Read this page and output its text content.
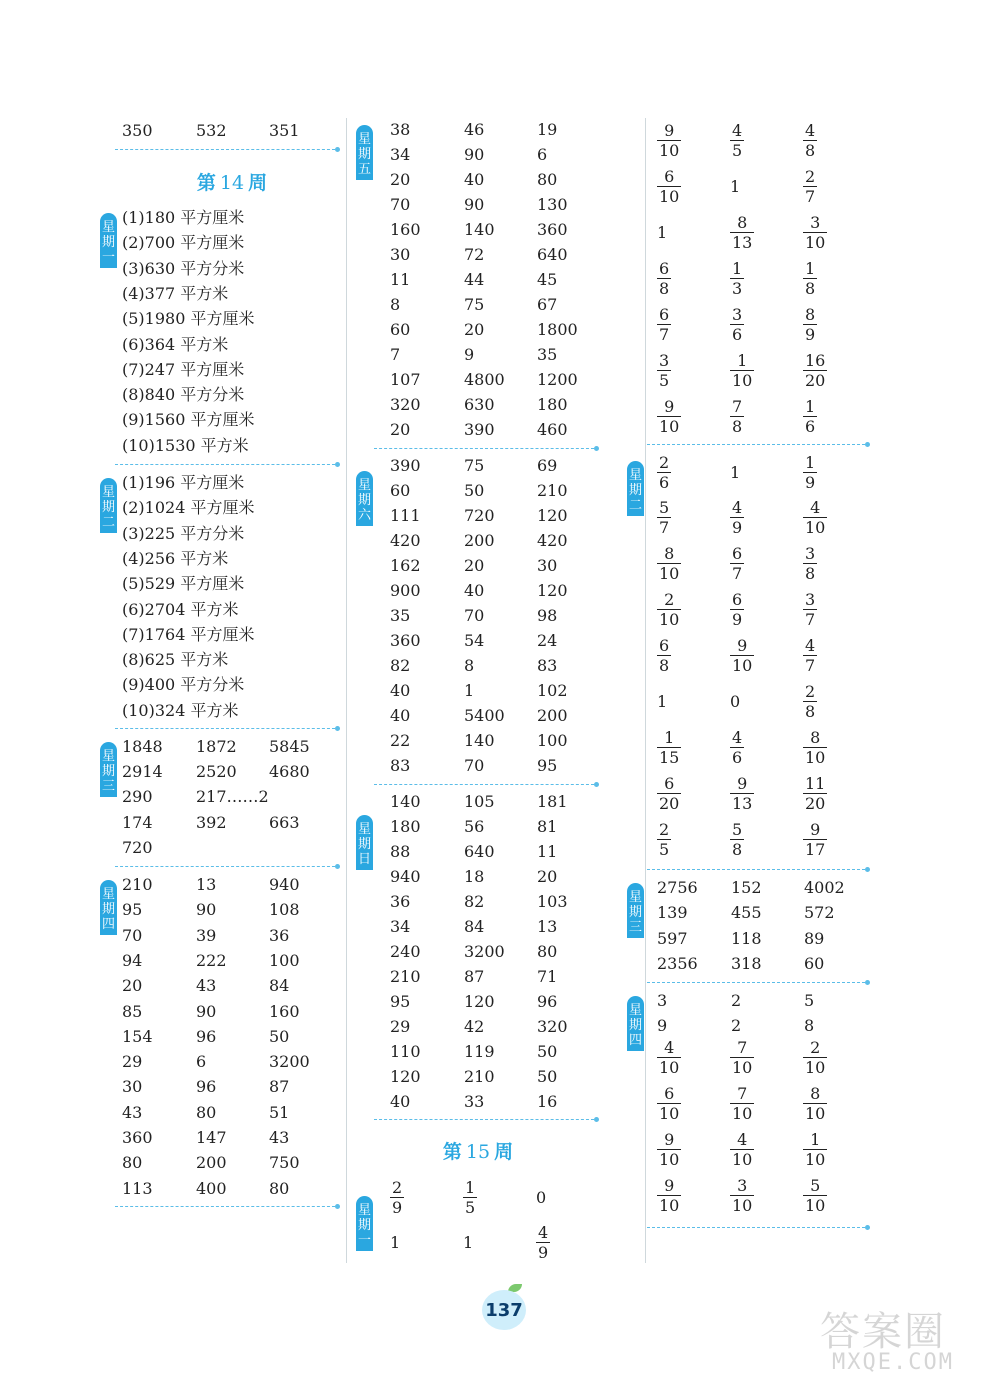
350	532	351
第 14 周
星期一
(1)180 平方厘米
(2)700 平方厘米
(3)630 平方分米
(4)377 平方米
(5)1980 平方厘米
(6)364 平方米
(7)247 平方厘米
(8)840 平方分米
(9)1560 平方厘米
(10)1530 平方米
星期二
(1)196 平方厘米
(2)1024 平方厘米
(3)225 平方分米
(4)256 平方米
(5)529 平方厘米
(6)2704 平方米
(7)1764 平方厘米
(8)625 平方米
(9)400 平方分米
(10)324 平方米
星期三
1848 1872 5845
2914 2520 4680
290	217……2
174	392	663
720
星期四
210	13	940
95	90	108
70	39	36
94	222	100
20	43	84
85	90	160
154	96	50
29	6	3200
30	96	87
43	80	51
360	147	43
80	200	750
113	400	80
星期五
38	46	19
34	90	6
20	40	80
70	90	130
160	140	360
30	72	640
11	44	45
8	75	67
60	20	1800
7	9	35
107	4800 1200
320	630	180
20	390	460
星期六
390	75	69
60	50	210
111	720	120
420	200	420
162	20	30
900	40	120
35	70	98
360	54	24
82	8	83
40	1	102
40	5400 200
22	140	100
83	70	95
星期日
140	105	181
180	56	81
88	640	11
940	18	20
36	82	103
34	84	13
240	3200 80
210	87	71
95	120	96
29	42	320
110	119	50
120	210	50
40	33	16
第 15 周
星期一
$\frac{2}{9}$	$\frac{1}{5}$	0
1	1	$\frac{4}{9}$
$\frac{9}{10}$	$\frac{4}{5}$	$\frac{4}{8}$
$\frac{6}{10}$	1	$\frac{2}{7}$
1	$\frac{8}{13}$	$\frac{3}{10}$
$\frac{6}{8}$	$\frac{1}{3}$	$\frac{1}{8}$
$\frac{6}{7}$	$\frac{3}{6}$	$\frac{8}{9}$
$\frac{3}{5}$	$\frac{1}{10}$	$\frac{16}{20}$
$\frac{9}{10}$	$\frac{7}{8}$	$\frac{1}{6}$
星期二
$\frac{2}{6}$	1	$\frac{1}{9}$
$\frac{5}{7}$	$\frac{4}{9}$	$\frac{4}{10}$
$\frac{8}{10}$	$\frac{6}{7}$	$\frac{3}{8}$
$\frac{2}{10}$	$\frac{6}{9}$	$\frac{3}{7}$
$\frac{6}{8}$	$\frac{9}{10}$	$\frac{4}{7}$
1	0	$\frac{2}{8}$
$\frac{1}{15}$	$\frac{4}{6}$	$\frac{8}{10}$
$\frac{6}{20}$	$\frac{9}{13}$	$\frac{11}{20}$
$\frac{2}{5}$	$\frac{5}{8}$	$\frac{9}{17}$
星期三
2756 152	4002
139	455	572
597	118	89
2356 318	60
星期四
3	2	5
9	2	8
$\frac{4}{10}$	$\frac{7}{10}$	$\frac{2}{10}$
$\frac{6}{10}$	$\frac{7}{10}$	$\frac{8}{10}$
$\frac{9}{10}$	$\frac{4}{10}$	$\frac{1}{10}$
$\frac{9}{10}$	$\frac{3}{10}$	$\frac{5}{10}$
137	答案圈
MXQE.COM
